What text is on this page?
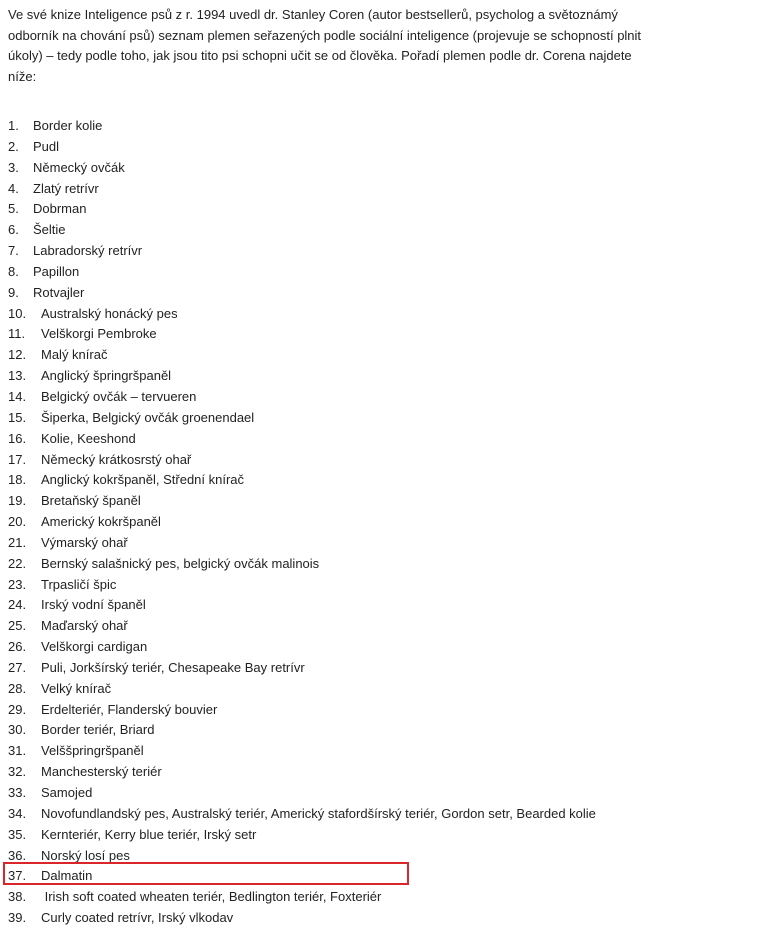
Ve své knize Inteligence psů z r. 1994 uvedl dr. Stanley Coren (autor bestsellerů, psycholog a světoznámý odborník na chování psů) seznam plemen seřazených podle sociální inteligence (projevuje se schopností plnit úkoly) – tedy podle toho, jak jsou tito psi schopni učit se od člověka. Pořadí plemen podle dr. Corena najdete níže:

1. Border kolie
2. Pudl
3. Německý ovčák
4. Zlatý retrívr
5. Dobrman
6. Šeltie
7. Labradorský retrívr
8. Papillon
9. Rotvajler
10. Australský honácký pes
11. Velškorgi Pembroke
12. Malý knírač
13. Anglický špringršpaněl
14. Belgický ovčák – tervueren
15. Šiperka, Belgický ovčák groenendael
16. Kolie, Keeshond
17. Německý krátkosrstý ohař
18. Anglický kokršpaněl, Střední knírač
19. Bretaňský španěl
20. Americký kokršpaněl
21. Výmarský ohař
22. Bernský salašnický pes, belgický ovčák malinois
23. Trpasličí špic
24. Irský vodní španěl
25. Maďarský ohař
26. Velškorgi cardigan
27. Puli, Jorkšírský teriér, Chesapeake Bay retrívr
28. Velký knírač
29. Erdelteriér, Flanderský bouvier
30. Border teriér, Briard
31. Velššpringršpaněl
32. Manchesterský teriér
33. Samojed
34. Novofundlandský pes, Australský teriér, Americký stafordšírský teriér, Gordon setr, Bearded kolie
35. Kernteriér, Kerry blue teriér, Irský setr
36. Norský losí pes
37. Dalmatin
38. Irish soft coated wheaten teriér, Bedlington teriér, Foxteriér
39. Curly coated retrívr, Irský vlkodav
